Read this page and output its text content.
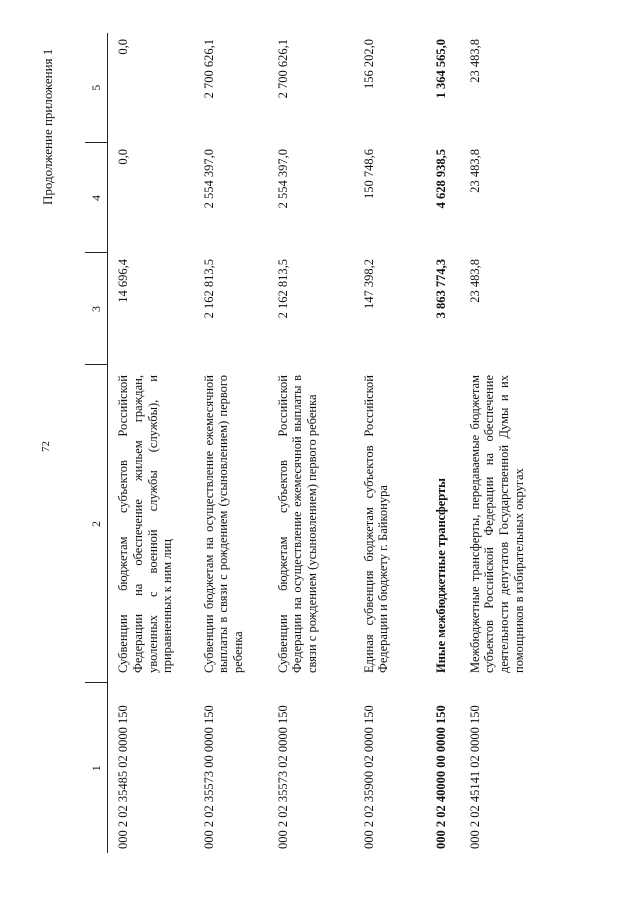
72
Продолжение приложения 1
1	2	3	4	5
000 2 02 35485 02 0000 150	Субвенции бюджетам субъектов Российской Федерации на обеспечение жильем граждан, уволенных с военной службы (службы), и приравненных к ним лиц	14 696,4	0,0	0,0
000 2 02 35573 00 0000 150	Субвенции бюджетам на осуществление ежемесячной выплаты в связи с рождением (усыновлением) первого ребенка	2 162 813,5	2 554 397,0	2 700 626,1
000 2 02 35573 02 0000 150	Субвенции бюджетам субъектов Российской Федерации на осуществление ежемесячной выплаты в связи с рождением (усыновлением) первого ребенка	2 162 813,5	2 554 397,0	2 700 626,1
000 2 02 35900 02 0000 150	Единая субвенция бюджетам субъектов Российской Федерации и бюджету г. Байконура	147 398,2	150 748,6	156 202,0
000 2 02 40000 00 0000 150	Иные межбюджетные трансферты	3 863 774,3	4 628 938,5	1 364 565,0
000 2 02 45141 02 0000 150	Межбюджетные трансферты, передаваемые бюджетам субъектов Российской Федерации на обеспечение деятельности депутатов Государственной Думы и их помощников в избирательных округах	23 483,8	23 483,8	23 483,8
